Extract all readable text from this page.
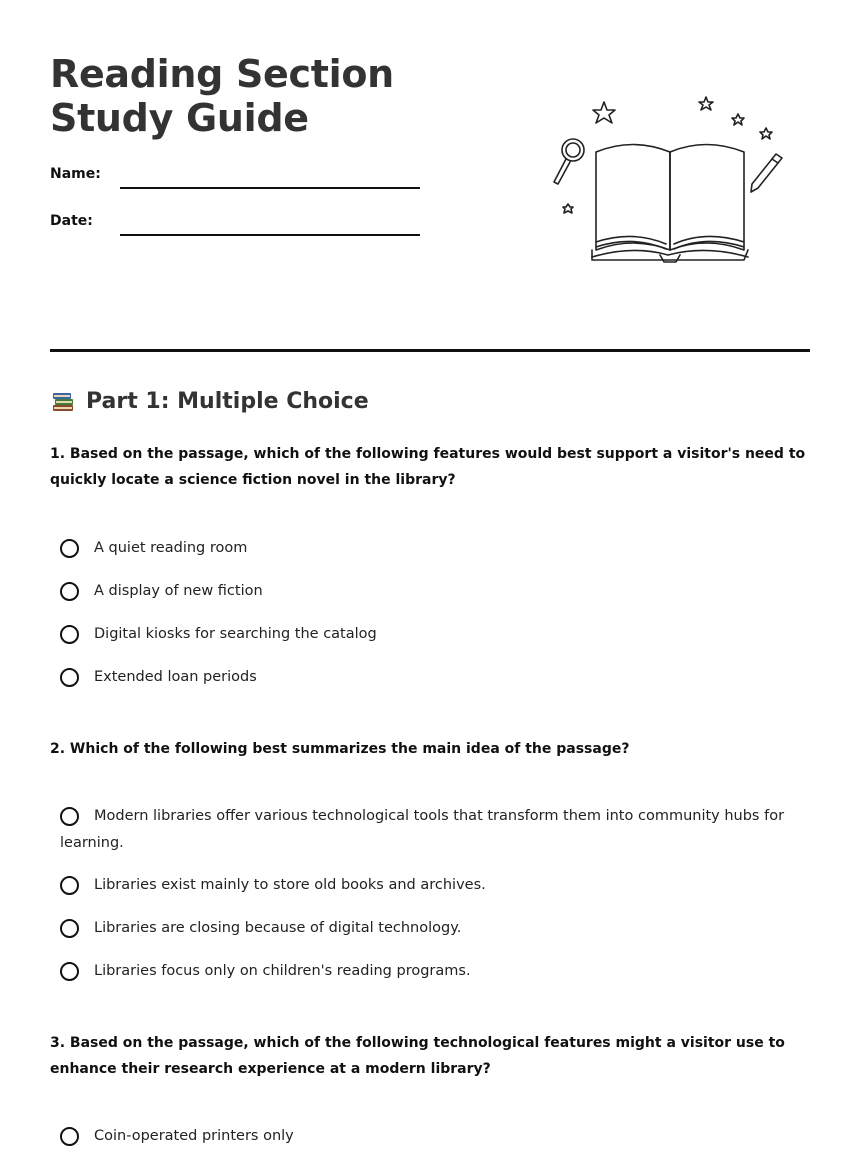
Reading Section Study Guide
Name:
Date:
Part 1: Multiple Choice

1. Based on the passage, which of the following features would best support a visitor's need to quickly locate a science fiction novel in the library?

A quiet reading room
A display of new fiction
Digital kiosks for searching the catalog
Extended loan periods

2. Which of the following best summarizes the main idea of the passage?

Modern libraries offer various technological tools that transform them into community hubs for learning.
Libraries exist mainly to store old books and archives.
Libraries are closing because of digital technology.
Libraries focus only on children's reading programs.

3. Based on the passage, which of the following technological features might a visitor use to enhance their research experience at a modern library?

Coin-operated printers only
